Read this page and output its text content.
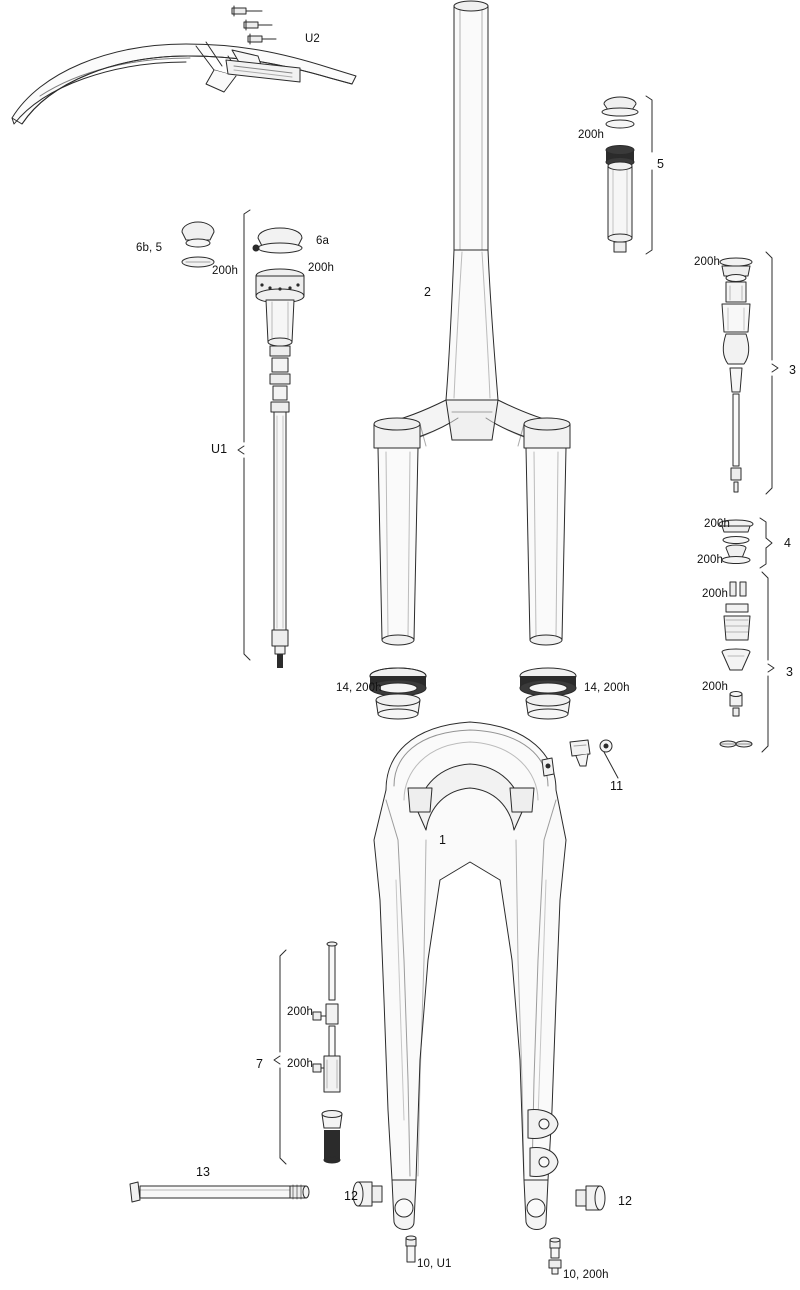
U2
200h
5
6b, 5
6a
200h	200h	200h
2
3
U1
200h
4
200h
200h
3
14, 200h	14, 200h	200h
11
1
200h
7 200h
13
12	12
10, U1
10, 200h
